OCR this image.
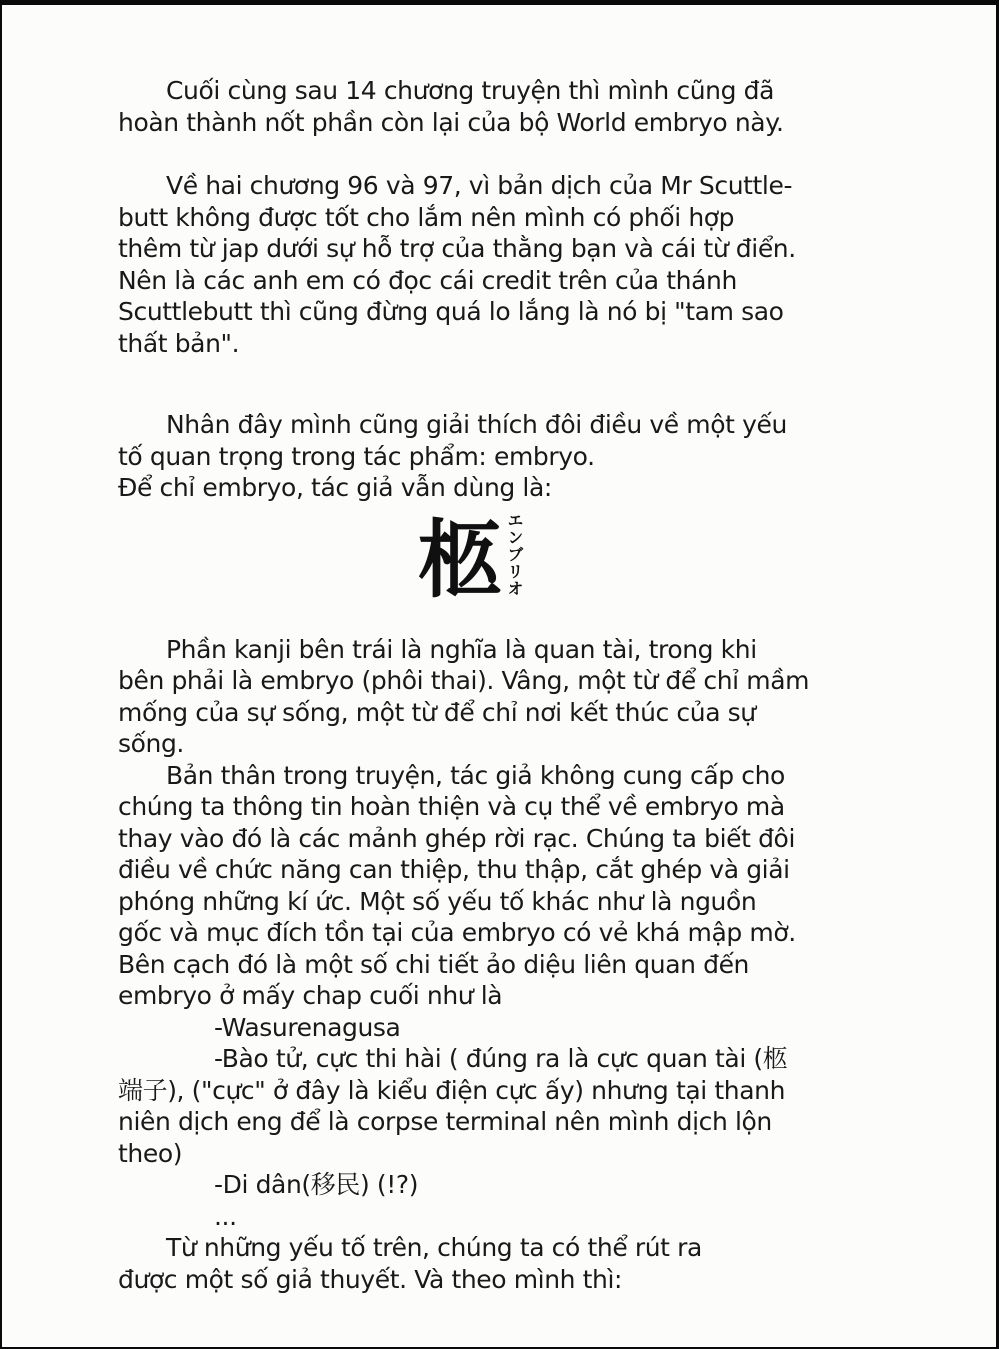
Cuối cùng sau 14 chương truyện thì mình cũng đã
hoàn thành nốt phần còn lại của bộ World embryo này.
Về hai chương 96 và 97, vì bản dịch của Mr Scuttle-
butt không được tốt cho lắm nên mình có phối hợp
thêm từ jap dưới sự hỗ trợ của thằng bạn và cái từ điển.
Nên là các anh em có đọc cái credit trên của thánh
Scuttlebutt thì cũng đừng quá lo lắng là nó bị "tam sao
thất bản".
Nhân đây mình cũng giải thích đôi điều về một yếu
tố quan trọng trong tác phẩm: embryo.
Để chỉ embryo, tác giả vẫn dùng là:
柩 エンブリオ
Phần kanji bên trái là nghĩa là quan tài, trong khi
bên phải là embryo (phôi thai). Vâng, một từ để chỉ mầm
mống của sự sống, một từ để chỉ nơi kết thúc của sự
sống.
Bản thân trong truyện, tác giả không cung cấp cho
chúng ta thông tin hoàn thiện và cụ thể về embryo mà
thay vào đó là các mảnh ghép rời rạc. Chúng ta biết đôi
điều về chức năng can thiệp, thu thập, cắt ghép và giải
phóng những kí ức. Một số yếu tố khác như là nguồn
gốc và mục đích tồn tại của embryo có vẻ khá mập mờ.
Bên cạch đó là một số chi tiết ảo diệu liên quan đến
embryo ở mấy chap cuối như là
-Wasurenagusa
-Bào tử, cực thi hài ( đúng ra là cực quan tài (柩
端子), ("cực" ở đây là kiểu điện cực ấy) nhưng tại thanh
niên dịch eng để là corpse terminal nên mình dịch lộn
theo)
-Di dân(移民) (!?)
...
Từ những yếu tố trên, chúng ta có thể rút ra
được một số giả thuyết. Và theo mình thì:
